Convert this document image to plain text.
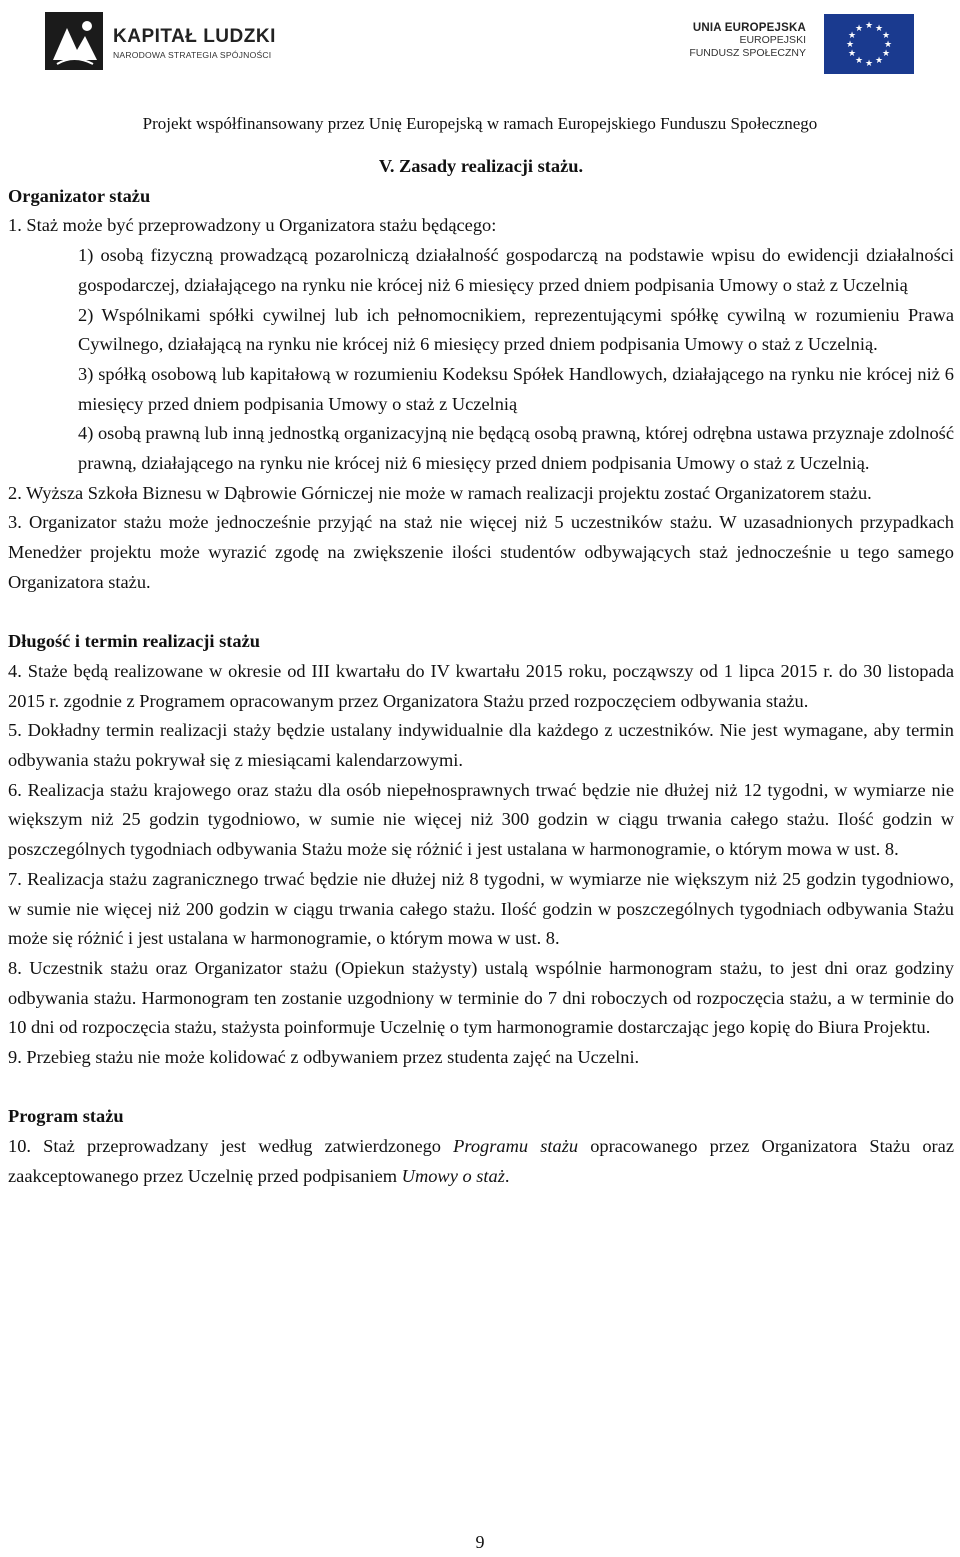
KAPITAŁ LUDZKI
NARODOWA STRATEGIA SPÓJNOŚCI
UNIA EUROPEJSKA
EUROPEJSKI
FUNDUSZ SPOŁECZNY
★ ★
★
★
★
★
★
★
★
★
★
★
Projekt współfinansowany przez Unię Europejską w ramach Europejskiego Funduszu Społecznego

V. Zasady realizacji stażu.

Organizator stażu

1. Staż może być przeprowadzony u Organizatora stażu będącego:

1) osobą fizyczną prowadzącą pozarolniczą działalność gospodarczą na podstawie wpisu do ewidencji działalności gospodarczej, działającego na rynku nie krócej niż 6 miesięcy przed dniem podpisania Umowy o staż z Uczelnią

2) Wspólnikami spółki cywilnej lub ich pełnomocnikiem, reprezentującymi spółkę cywilną w rozumieniu Prawa Cywilnego, działającą na rynku nie krócej niż 6 miesięcy przed dniem podpisania Umowy o staż z Uczelnią.

3) spółką osobową lub kapitałową w rozumieniu Kodeksu Spółek Handlowych, działającego na rynku nie krócej niż 6 miesięcy przed dniem podpisania Umowy o staż z Uczelnią

4) osobą prawną lub inną jednostką organizacyjną nie będącą osobą prawną, której odrębna ustawa przyznaje zdolność prawną, działającego na rynku nie krócej niż 6 miesięcy przed dniem podpisania Umowy o staż z Uczelnią.

2. Wyższa Szkoła Biznesu w Dąbrowie Górniczej nie może w ramach realizacji projektu zostać Organizatorem stażu.

3. Organizator stażu może jednocześnie przyjąć na staż nie więcej niż 5 uczestników stażu. W uzasadnionych przypadkach Menedżer projektu może wyrazić zgodę na zwiększenie ilości studentów odbywających staż jednocześnie u tego samego Organizatora stażu.

Długość i termin realizacji stażu

4. Staże będą realizowane w okresie od III kwartału do IV kwartału 2015 roku, począwszy od 1 lipca 2015 r. do 30 listopada 2015 r. zgodnie z Programem opracowanym przez Organizatora Stażu przed rozpoczęciem odbywania stażu.

5. Dokładny termin realizacji staży będzie ustalany indywidualnie dla każdego z uczestników. Nie jest wymagane, aby termin odbywania stażu pokrywał się z miesiącami kalendarzowymi.

6. Realizacja stażu krajowego oraz stażu dla osób niepełnosprawnych trwać będzie nie dłużej niż 12 tygodni, w wymiarze nie większym niż 25 godzin tygodniowo, w sumie nie więcej niż 300 godzin w ciągu trwania całego stażu. Ilość godzin w poszczególnych tygodniach odbywania Stażu może się różnić i jest ustalana w harmonogramie, o którym mowa w ust. 8.

7. Realizacja stażu zagranicznego trwać będzie nie dłużej niż 8 tygodni, w wymiarze nie większym niż 25 godzin tygodniowo, w sumie nie więcej niż 200 godzin w ciągu trwania całego stażu. Ilość godzin w poszczególnych tygodniach odbywania Stażu może się różnić i jest ustalana w harmonogramie, o którym mowa w ust. 8.

8. Uczestnik stażu oraz Organizator stażu (Opiekun stażysty) ustalą wspólnie harmonogram stażu, to jest dni oraz godziny odbywania stażu. Harmonogram ten zostanie uzgodniony w terminie do 7 dni roboczych od rozpoczęcia stażu, a w terminie do 10 dni od rozpoczęcia stażu, stażysta poinformuje Uczelnię o tym harmonogramie dostarczając jego kopię do Biura Projektu.

9. Przebieg stażu nie może kolidować z odbywaniem przez studenta zajęć na Uczelni.

Program stażu

10. Staż przeprowadzany jest według zatwierdzonego Programu stażu opracowanego przez Organizatora Stażu oraz zaakceptowanego przez Uczelnię przed podpisaniem Umowy o staż.

9
